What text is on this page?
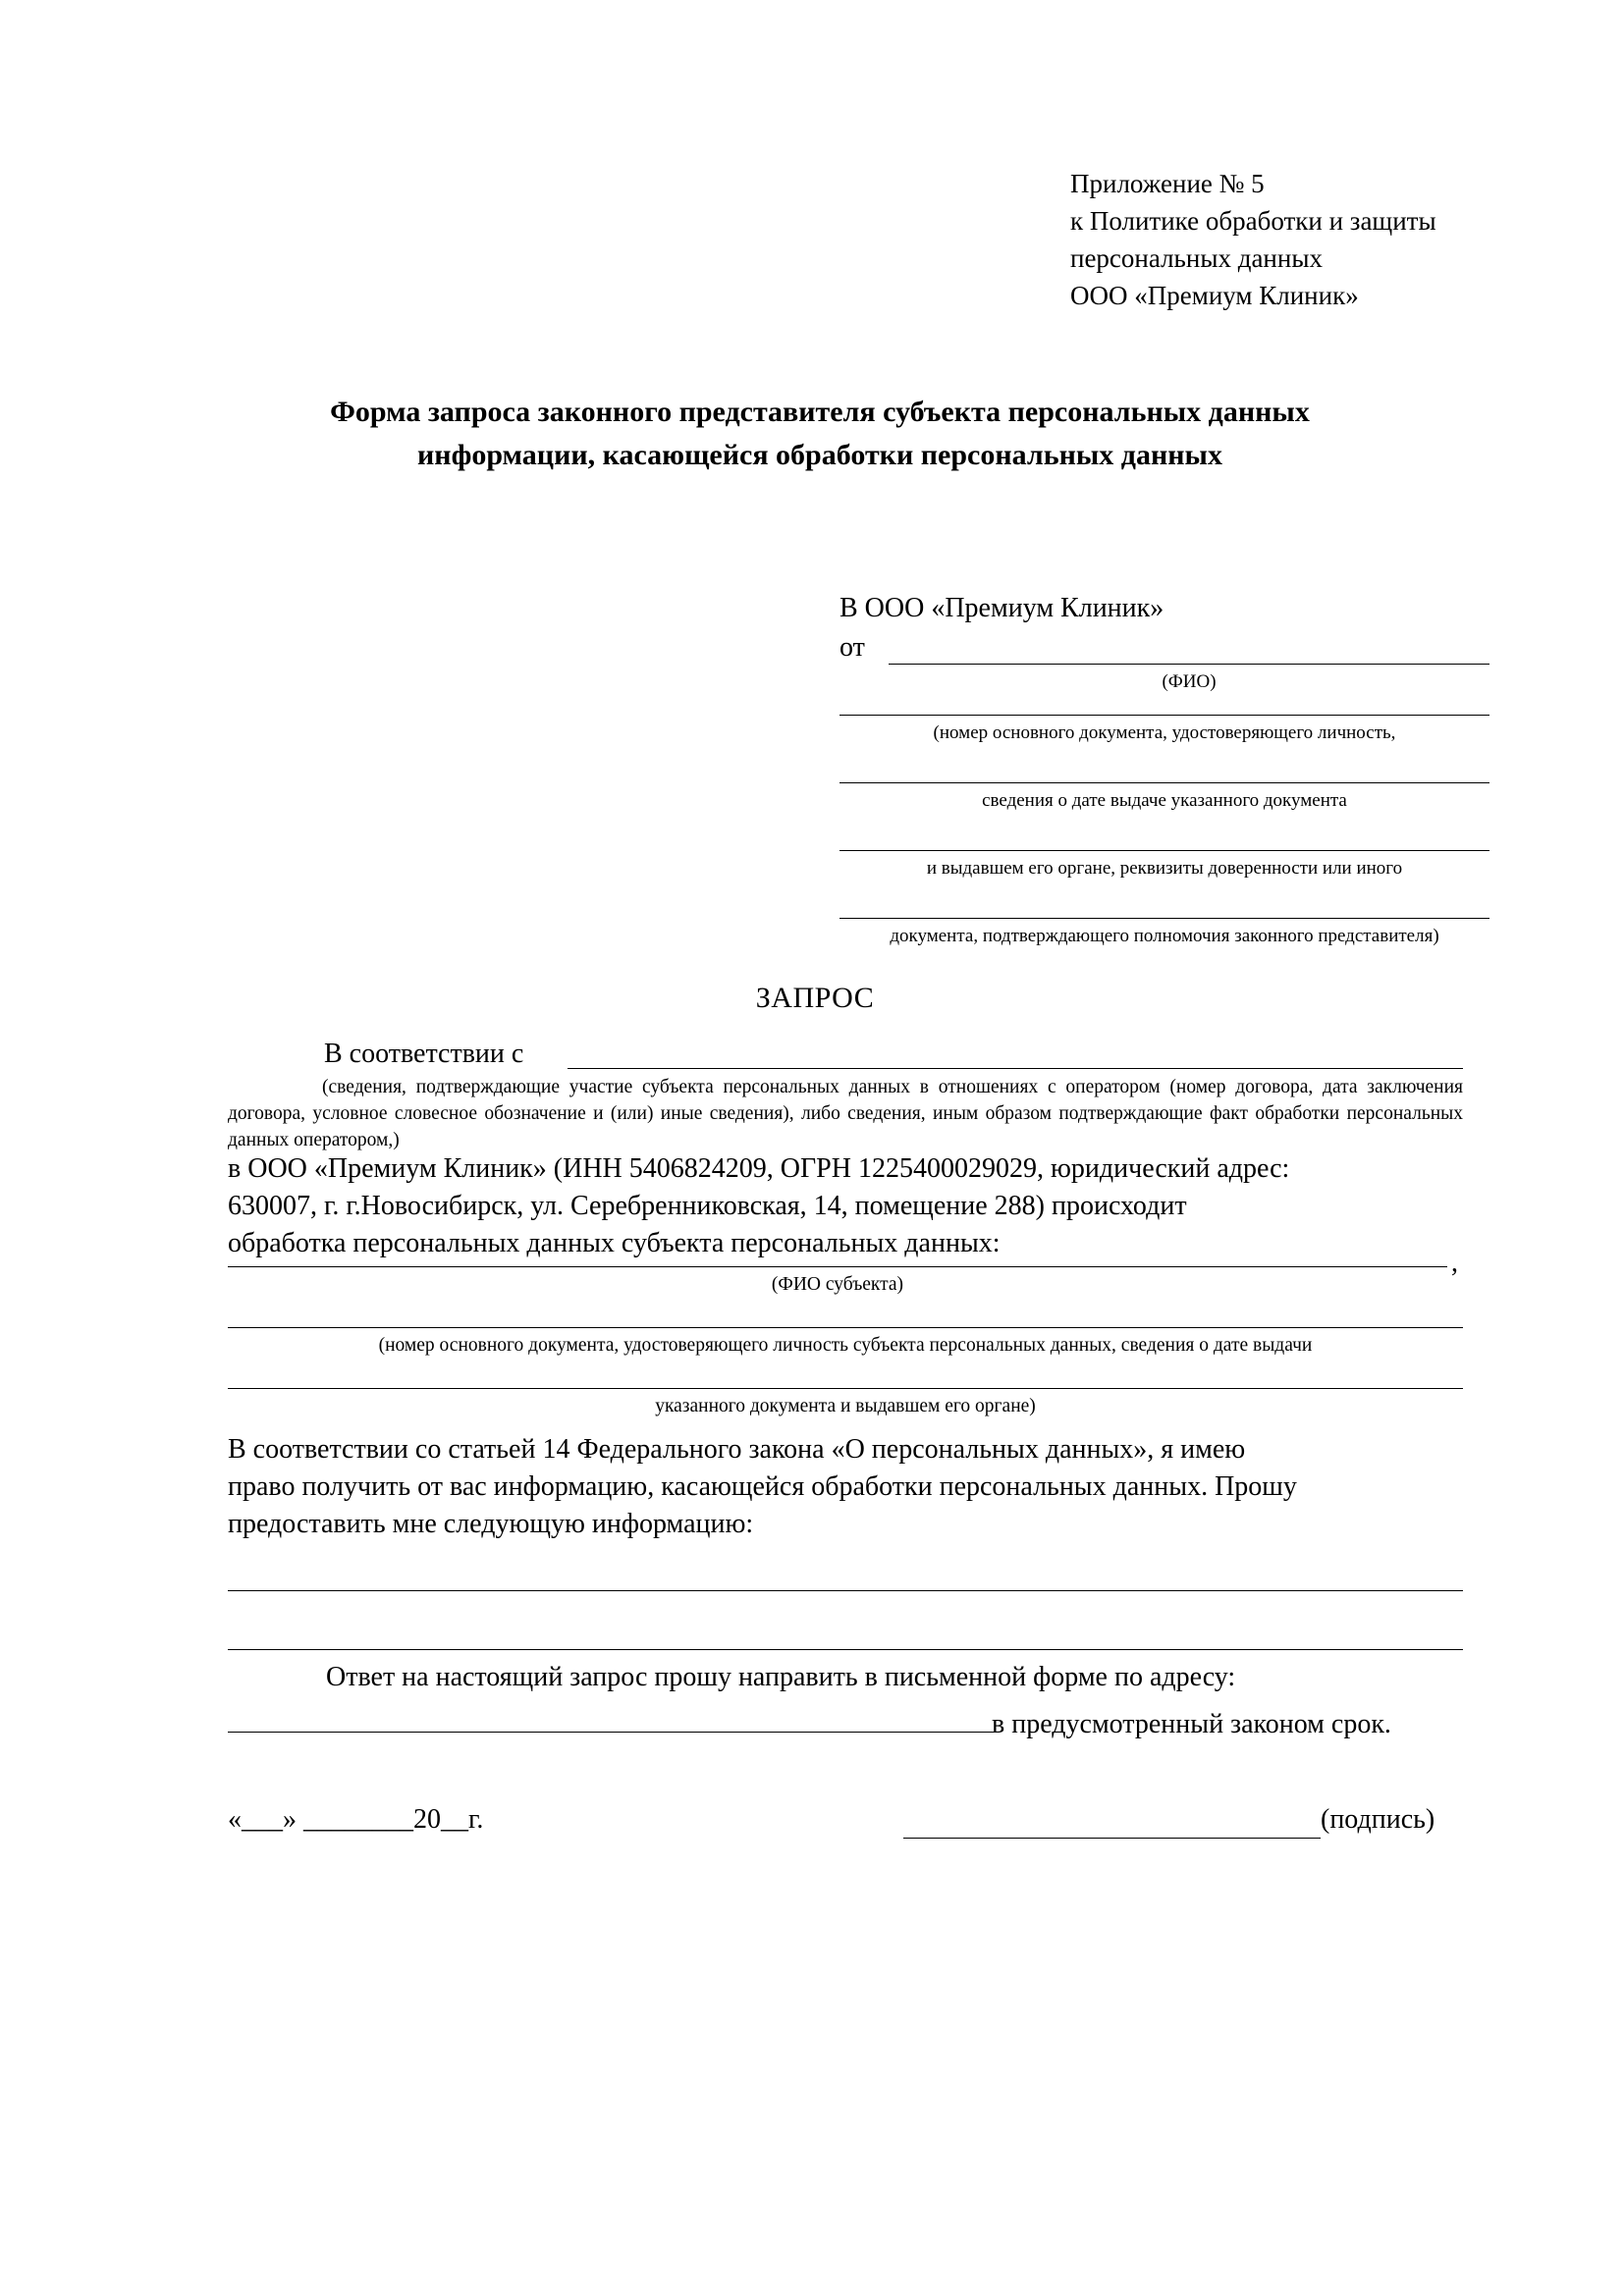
Приложение № 5
к Политике обработки и защиты
персональных данных
ООО «Премиум Клиник»
Форма запроса законного представителя субъекта персональных данных
информации, касающейся обработки персональных данных
В ООО «Премиум Клиник»
от
(ФИО)
(номер основного документа, удостоверяющего личность,
сведения о дате выдаче указанного документа
и выдавшем его органе, реквизиты доверенности или иного
документа, подтверждающего полномочия законного представителя)
ЗАПРОС
В соответствии с
(сведения, подтверждающие участие субъекта персональных данных в отношениях с оператором (номер договора, дата заключения договора, условное словесное обозначение и (или) иные сведения), либо сведения, иным образом подтверждающие факт обработки персональных данных оператором,)
в ООО «Премиум Клиник» (ИНН 5406824209, ОГРН 1225400029029, юридический адрес:
630007, г. г.Новосибирск, ул. Серебренниковская, 14, помещение 288) происходит
обработка персональных данных субъекта персональных данных:
,
(ФИО субъекта)
(номер основного документа, удостоверяющего личность субъекта персональных данных, сведения о дате выдачи
указанного документа и выдавшем его органе)
В соответствии со статьей 14 Федерального закона «О персональных данных», я имею
право получить от вас информацию, касающейся обработки персональных данных. Прошу
предоставить мне следующую информацию:
Ответ на настоящий запрос прошу направить в письменной форме по адресу:
в предусмотренный законом срок.
«___» ________20__г.	(подпись)
